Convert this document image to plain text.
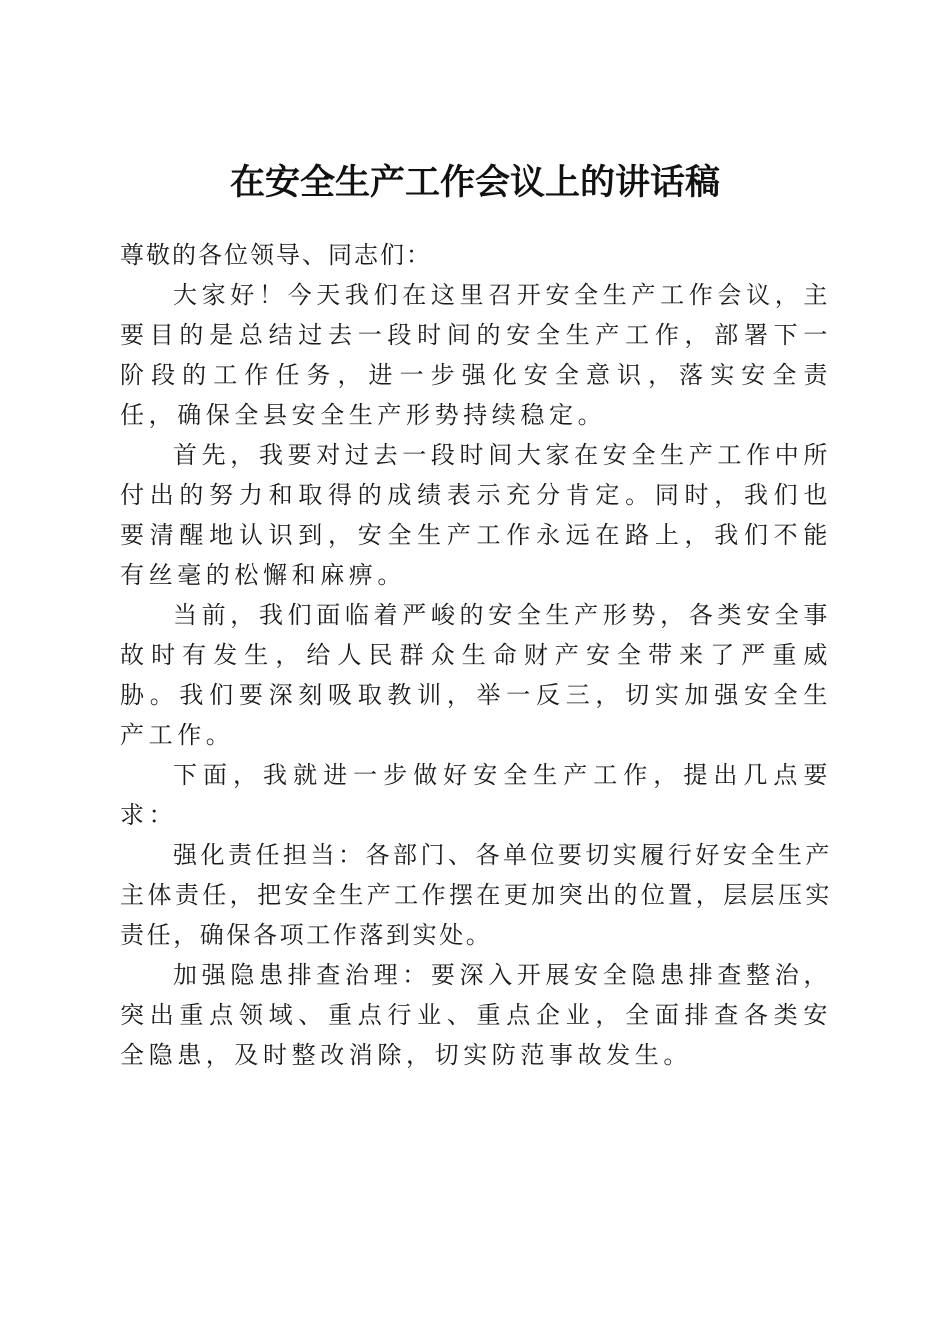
在安全生产工作会议上的讲话稿

尊敬的各位领导、同志们：

大家好！今天我们在这里召开安全生产工作会议，主要目的是总结过去一段时间的安全生产工作，部署下一阶段的工作任务，进一步强化安全意识，落实安全责任，确保全县安全生产形势持续稳定。

首先，我要对过去一段时间大家在安全生产工作中所付出的努力和取得的成绩表示充分肯定。同时，我们也要清醒地认识到，安全生产工作永远在路上，我们不能有丝毫的松懈和麻痹。

当前，我们面临着严峻的安全生产形势，各类安全事故时有发生，给人民群众生命财产安全带来了严重威胁。我们要深刻吸取教训，举一反三，切实加强安全生产工作。

下面，我就进一步做好安全生产工作，提出几点要求：

强化责任担当：各部门、各单位要切实履行好安全生产主体责任，把安全生产工作摆在更加突出的位置，层层压实责任，确保各项工作落到实处。

加强隐患排查治理：要深入开展安全隐患排查整治，突出重点领域、重点行业、重点企业，全面排查各类安全隐患，及时整改消除，切实防范事故发生。
